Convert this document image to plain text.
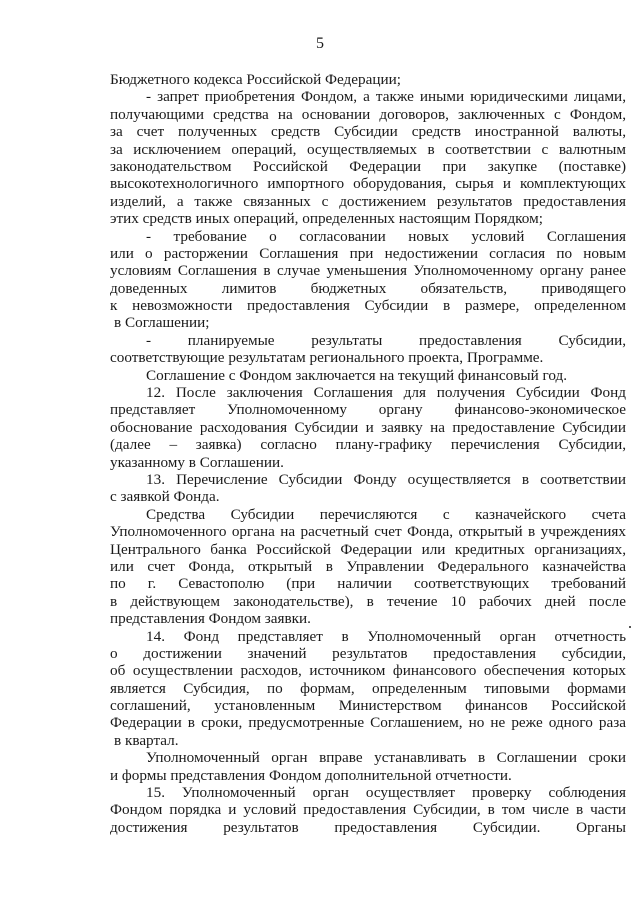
5
Бюджетного кодекса Российской Федерации;
- запрет приобретения Фондом, а также иными юридическими лицами,
получающими средства на основании договоров, заключенных с Фондом,
за счет полученных средств Субсидии средств иностранной валюты,
за исключением операций, осуществляемых в соответствии с валютным
законодательством Российской Федерации при закупке (поставке)
высокотехнологичного импортного оборудования, сырья и комплектующих
изделий, а также связанных с достижением результатов предоставления
этих средств иных операций, определенных настоящим Порядком;
- требование о согласовании новых условий Соглашения
или о расторжении Соглашения при недостижении согласия по новым
условиям Соглашения в случае уменьшения Уполномоченному органу ранее
доведенных лимитов бюджетных обязательств, приводящего
к невозможности предоставления Субсидии в размере, определенном
в Соглашении;
- планируемые результаты предоставления Субсидии,
соответствующие результатам регионального проекта, Программе.
Соглашение с Фондом заключается на текущий финансовый год.
12. После заключения Соглашения для получения Субсидии Фонд
представляет Уполномоченному органу финансово-экономическое
обоснование расходования Субсидии и заявку на предоставление Субсидии
(далее – заявка) согласно плану-графику перечисления Субсидии,
указанному в Соглашении.
13. Перечисление Субсидии Фонду осуществляется в соответствии
с заявкой Фонда.
Средства Субсидии перечисляются с казначейского счета
Уполномоченного органа на расчетный счет Фонда, открытый в учреждениях
Центрального банка Российской Федерации или кредитных организациях,
или счет Фонда, открытый в Управлении Федерального казначейства
по г. Севастополю (при наличии соответствующих требований
в действующем законодательстве), в течение 10 рабочих дней после
представления Фондом заявки.
14. Фонд представляет в Уполномоченный орган отчетность
о достижении значений результатов предоставления субсидии,
об осуществлении расходов, источником финансового обеспечения которых
является Субсидия, по формам, определенным типовыми формами
соглашений, установленным Министерством финансов Российской
Федерации в сроки, предусмотренные Соглашением, но не реже одного раза
в квартал.
Уполномоченный орган вправе устанавливать в Соглашении сроки
и формы представления Фондом дополнительной отчетности.
15. Уполномоченный орган осуществляет проверку соблюдения
Фондом порядка и условий предоставления Субсидии, в том числе в части
достижения результатов предоставления Субсидии. Органы
